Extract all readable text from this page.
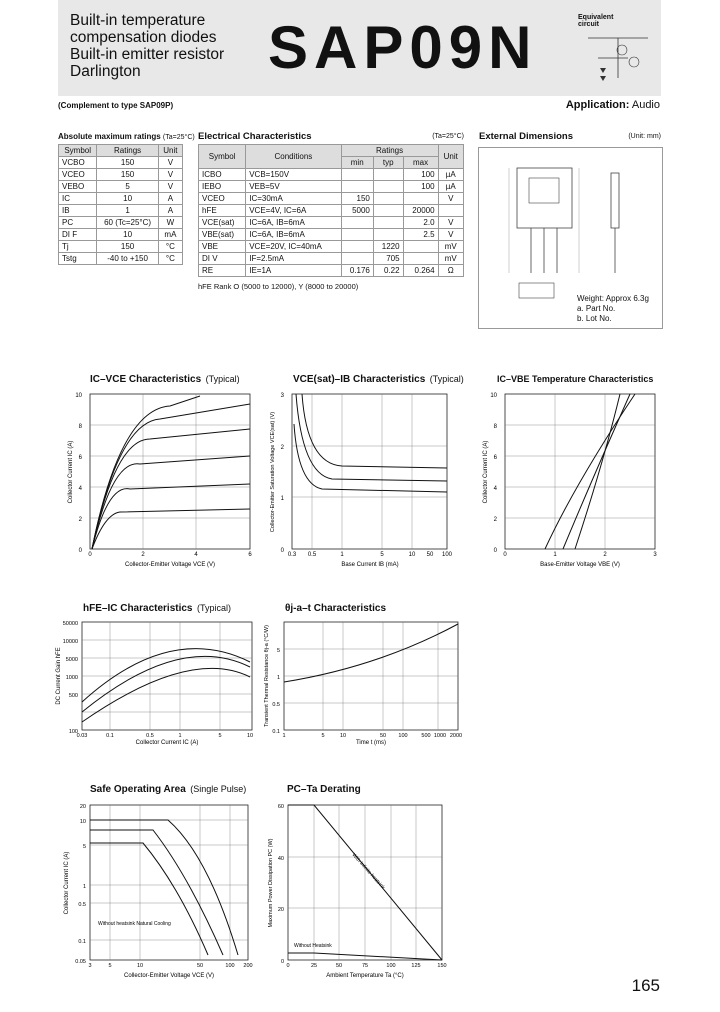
Built-in temperature
compensation diodes
Built-in emitter resistor
Darlington	SAP09N	Equivalent circuit
(Complement to type SAP09P)	Application: Audio
Absolute maximum ratings (Ta=25°C)
Symbol	Ratings	Unit
VCBO	150	V
VCEO	150	V
VEBO	5	V
IC	10	A
IB	1	A
PC	60 (Tc=25°C)	W
DI F	10	mA
Tj	150	°C
Tstg	-40 to +150	°C
Electrical Characteristics	(Ta=25°C)
Symbol	Conditions	Ratings			Unit
		min	typ	max	
ICBO	VCB=150V			100	µA
IEBO	VEB=5V			100	µA
VCEO	IC=30mA	150			V
hFE	VCE=4V, IC=6A	5000		20000	
VCE(sat)	IC=6A, IB=6mA			2.0	V
VBE(sat)	IC=6A, IB=6mA			2.5	V
VBE	VCE=20V, IC=40mA		1220		mV
DI V	IF=2.5mA		705		mV
RE	IE=1A	0.176	0.22	0.264	Ω
hFE Rank O (5000 to 12000), Y (8000 to 20000)
External Dimensions	(Unit: mm)
Weight: Approx 6.3g
a. Part No.
b. Lot No.
IC–VCE Characteristics (Typical)
0
2
4
6
8
10
0	2	4	6
Collector-Emitter Voltage VCE (V)
Collector Current IC (A)
VCE(sat)–IB Characteristics (Typical)
0
1
2
3
0.3 0.5	1	5	10 50 100
Base Current IB (mA)
Collector-Emitter Saturation Voltage VCE(sat) (V)
IC–VBE Temperature Characteristics
0
2
4
6
8
10
0	1	2	3
Base-Emitter Voltage VBE (V)
Collector Current IC (A)
hFE–IC Characteristics (Typical)
100
500
1000
5000
10000
50000
0.03	0.1	0.5	1	5	10
Collector Current IC (A)
DC Current Gain hFE
θj-a–t Characteristics
0.1
0.5
1
5
1	5	10	50 100	500 1000 2000
Time t (ms)
Transient Thermal Resistance θj-a (°C/W)
Safe Operating Area (Single Pulse)
0.05
0.1
0.5
1
5
10
20
3	5	10	50	100 200
Without heatsink Natural Cooling
Collector-Emitter Voltage VCE (V)
Collector Current IC (A)
PC–Ta Derating
0
20
40
60
0	25	50	75	100	125	150
With Infinite heatsink
Without Heatsink
Ambient Temperature Ta (°C)
Maximum Power Dissipation PC (W)
165
